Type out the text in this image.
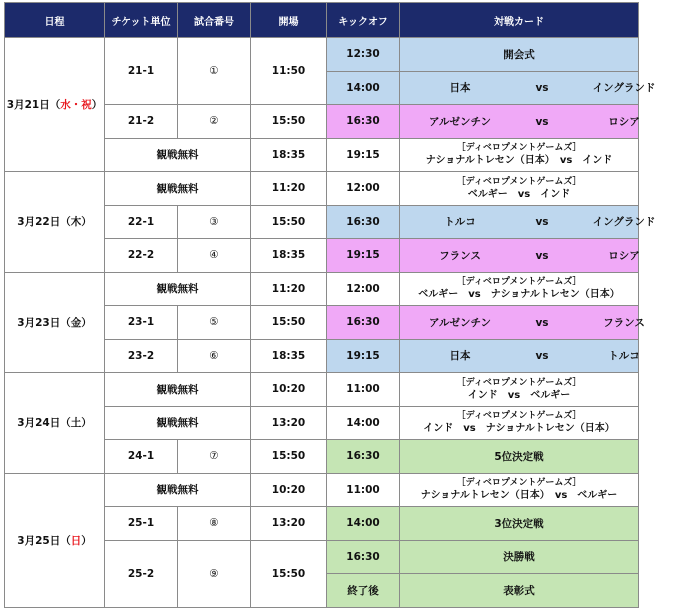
日程	チケット単位	試合番号	開場	キックオフ	対戦カード
3月21日（水・祝）	21-1	①	11:50	12:30	開会式
				14:00	日本 vs イングランド
	21-2	②	15:50	16:30	アルゼンチン vs ロシア
	観戦無料		18:35	19:15	［ディベロプメントゲームズ］
ナショナルトレセン（日本）　 vs　 インド

3月22日（木）	観戦無料		11:20	12:00	［ディベロプメントゲームズ］
ベルギー　 vs　 インド

	22-1	③	15:50	16:30	トルコ vs イングランド
	22-2	④	18:35	19:15	フランス vs ロシア
3月23日（金）	観戦無料		11:20	12:00	［ディベロプメントゲームズ］
ベルギー　 vs　 ナショナルトレセン（日本）

	23-1	⑤	15:50	16:30	アルゼンチン vs フランス
	23-2	⑥	18:35	19:15	日本 vs トルコ
3月24日（土）	観戦無料		10:20	11:00	［ディベロプメントゲームズ］
インド　 vs　 ベルギー

	観戦無料		13:20	14:00	［ディベロプメントゲームズ］
インド　 vs　 ナショナルトレセン（日本）

	24-1	⑦	15:50	16:30	5位決定戦
3月25日（日）	観戦無料		10:20	11:00	［ディベロプメントゲームズ］
ナショナルトレセン（日本）　 vs　 ベルギー

	25-1	⑧	13:20	14:00	3位決定戦
	25-2	⑨	15:50	16:30	決勝戦
				終了後	表彰式
